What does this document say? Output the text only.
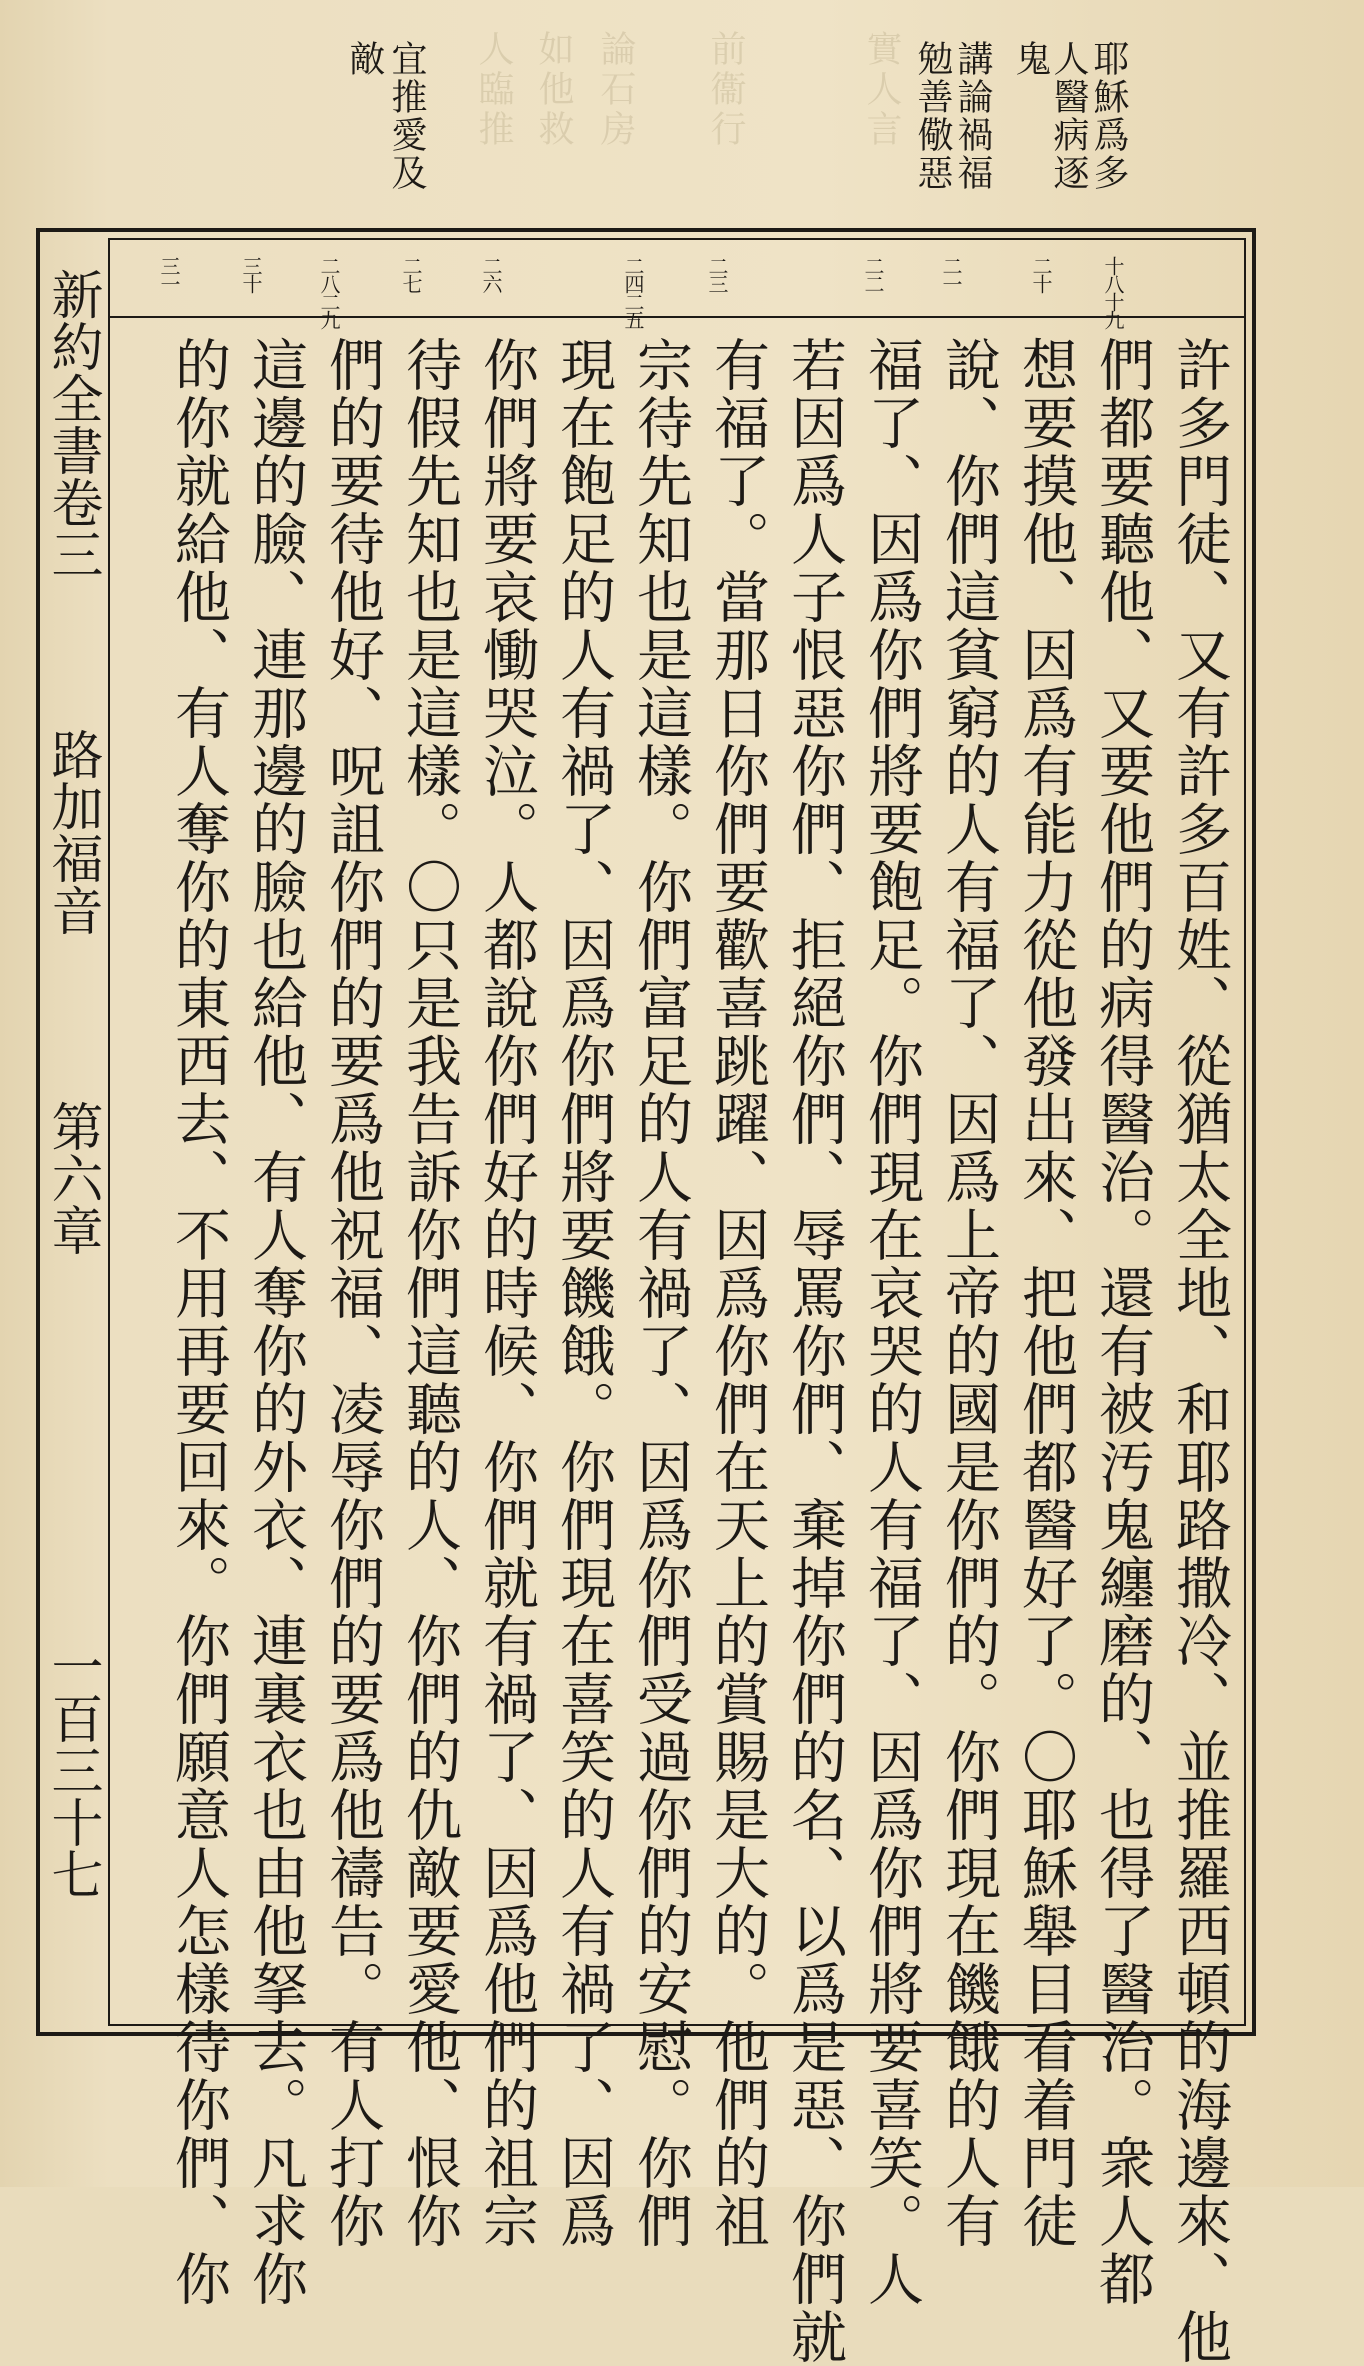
人臨推 如他救 論石房 前衞行	實人言	耶穌爲多
人醫病逐
鬼
講論禍福
勉善儆惡
宜推愛及
敵
新約全書卷三
路加福音
第六章
一百三十七
十八十九
二十
二一
二二
二三
二四二五
二六
二七
二八二九
三十
三一
許多門徒、又有許多百姓、從猶太全地、和耶路撒冷、並推羅西頓的海邊來、他
們都要聽他、又要他們的病得醫治。還有被汚鬼纏磨的、也得了醫治。衆人都
想要摸他、因爲有能力從他發出來、把他們都醫好了。〇耶穌舉目看着門徒
說、你們這貧窮的人有福了、因爲上帝的國是你們的。你們現在饑餓的人有
福了、因爲你們將要飽足。你們現在哀哭的人有福了、因爲你們將要喜笑。人
若因爲人子恨惡你們、拒絕你們、辱罵你們、棄掉你們的名、以爲是惡、你們就
有福了。當那日你們要歡喜跳躍、因爲你們在天上的賞賜是大的。他們的祖
宗待先知也是這樣。你們富足的人有禍了、因爲你們受過你們的安慰。你們
現在飽足的人有禍了、因爲你們將要饑餓。你們現在喜笑的人有禍了、因爲
你們將要哀慟哭泣。人都說你們好的時候、你們就有禍了、因爲他們的祖宗
待假先知也是這樣。〇只是我告訴你們這聽的人、你們的仇敵要愛他、恨你
們的要待他好、呪詛你們的要爲他祝福、凌辱你們的要爲他禱告。有人打你
這邊的臉、連那邊的臉也給他、有人奪你的外衣、連裏衣也由他拏去。凡求你
的你就給他、有人奪你的東西去、不用再要回來。你們願意人怎樣待你們、你
